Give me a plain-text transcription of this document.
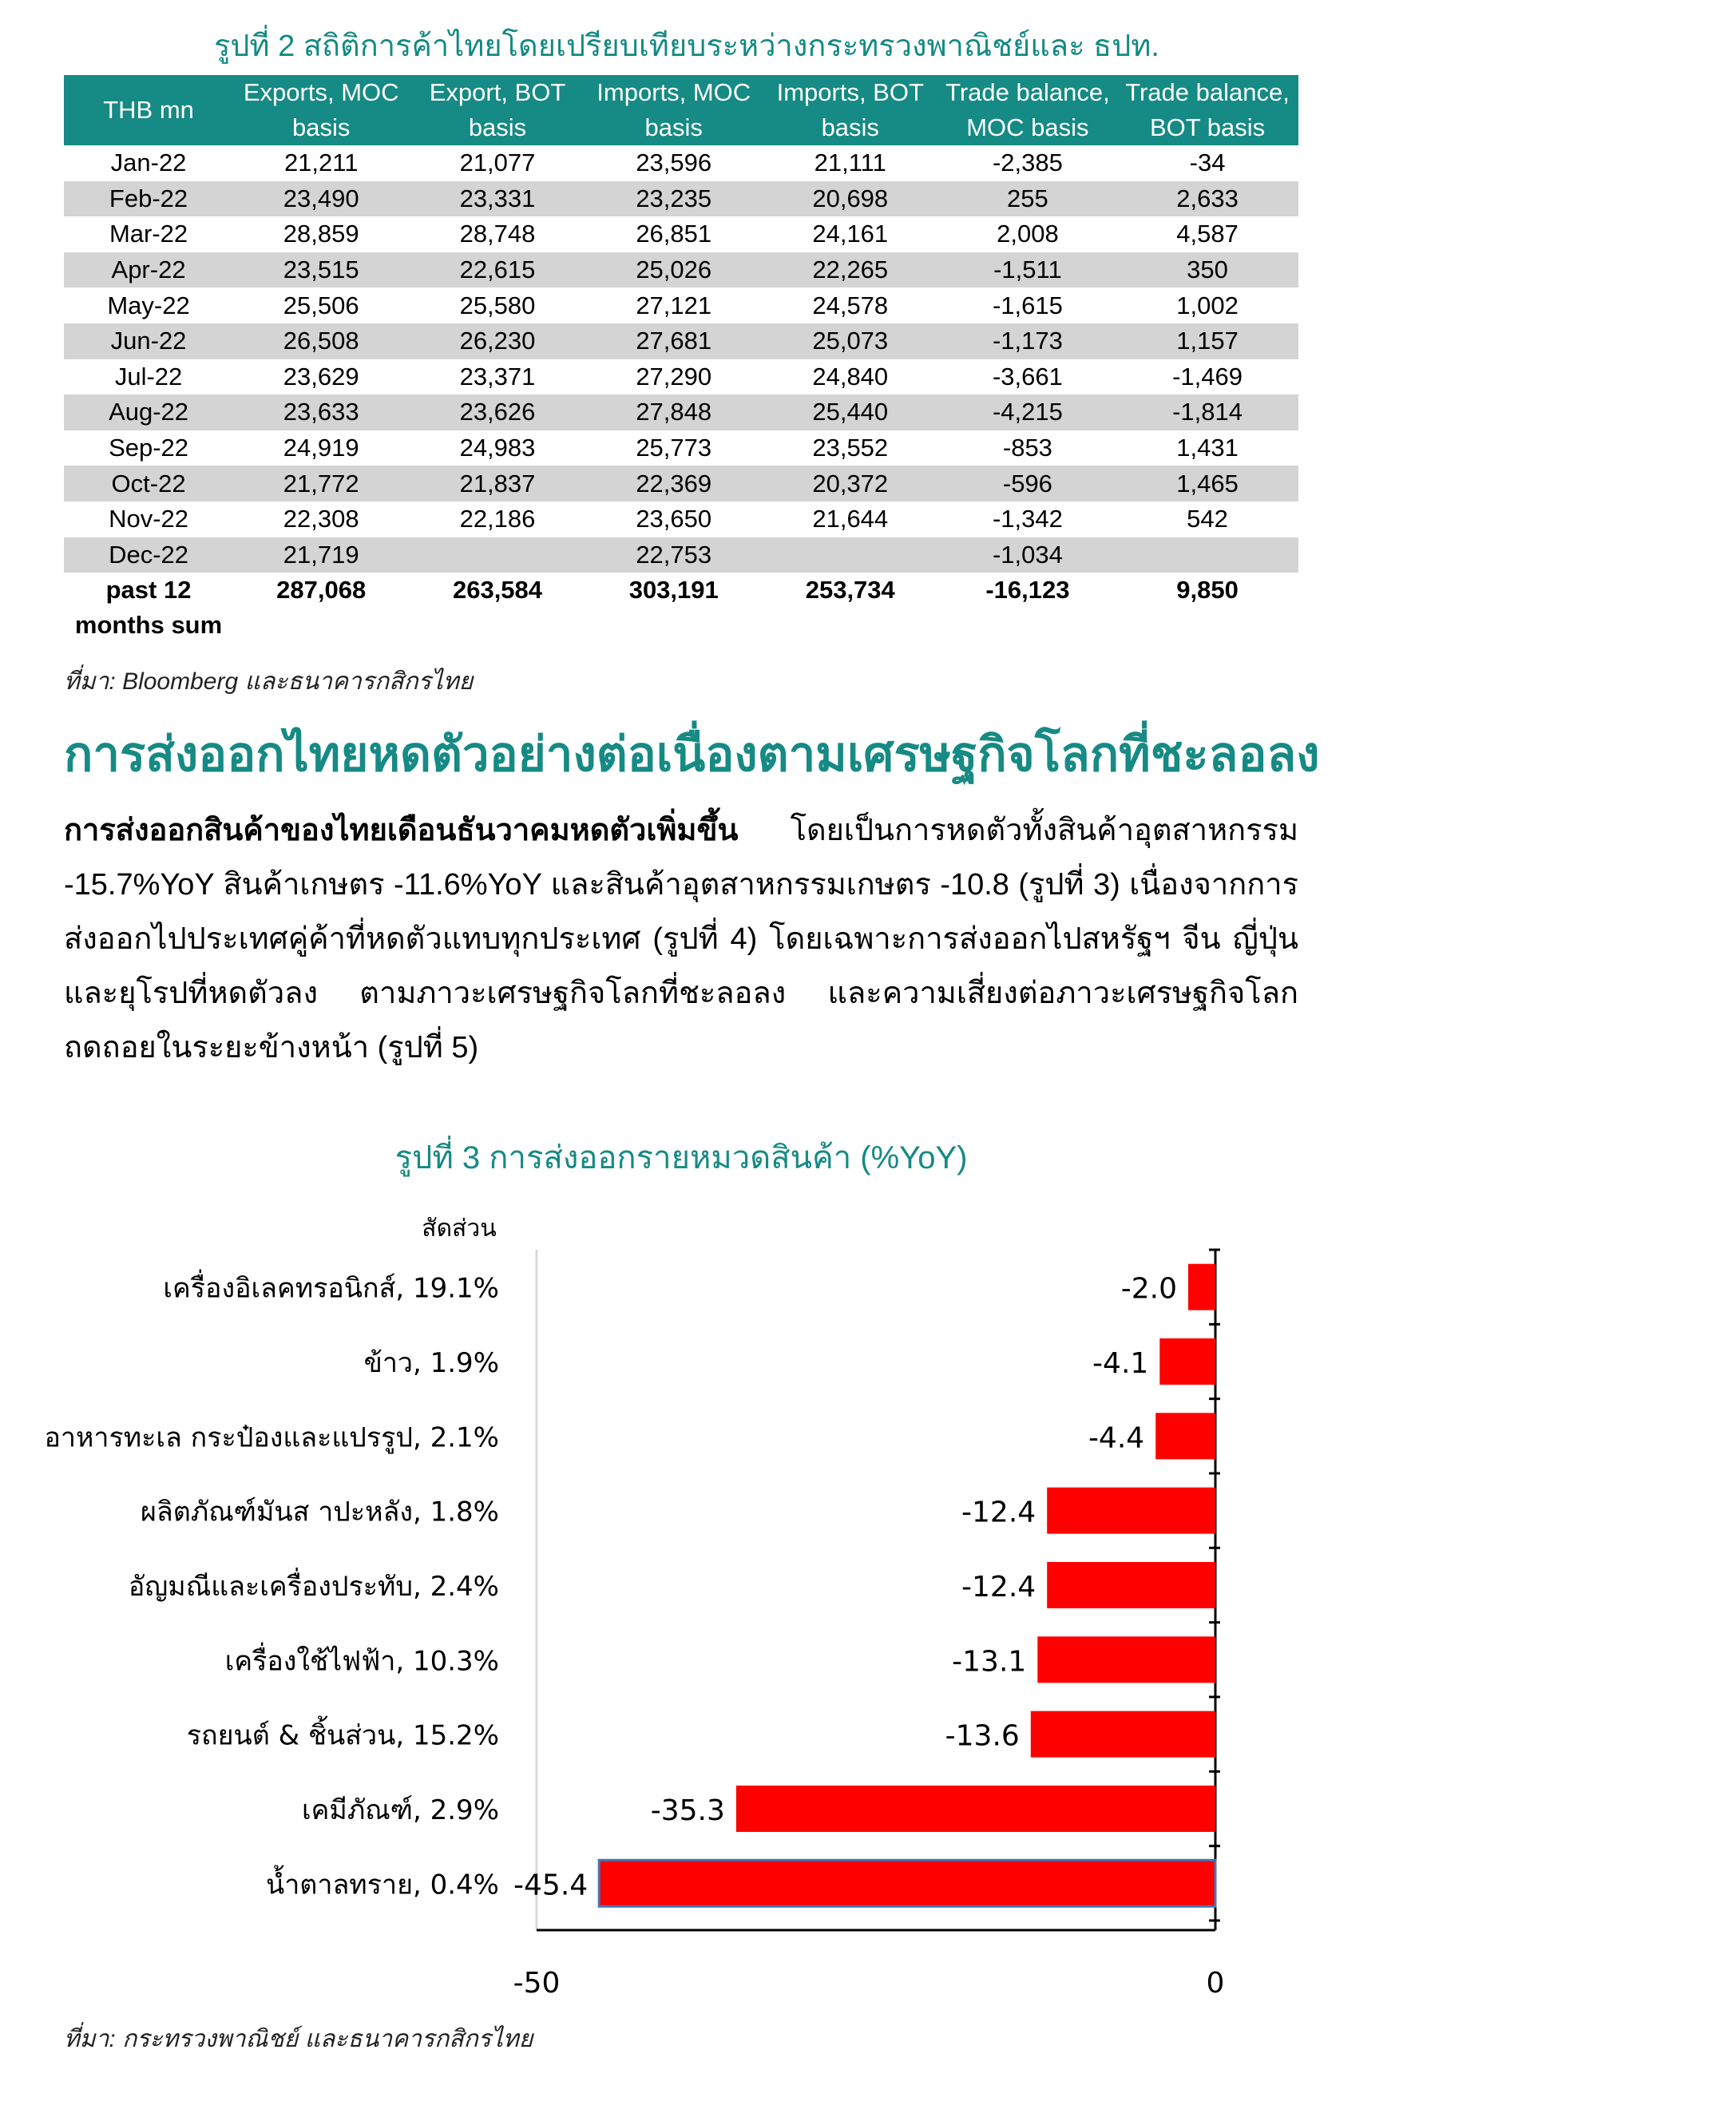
รูปที่ 2 สถิติการค้าไทยโดยเปรียบเทียบระหว่างกระทรวงพาณิชย์และ ธปท.
THB mn	Exports, MOC basis	Export, BOT basis	Imports, MOC basis	Imports, BOT basis	Trade balance, MOC basis	Trade balance, BOT basis
Jan-22	21,211	21,077	23,596	21,111	-2,385	-34
Feb-22	23,490	23,331	23,235	20,698	255	2,633
Mar-22	28,859	28,748	26,851	24,161	2,008	4,587
Apr-22	23,515	22,615	25,026	22,265	-1,511	350
May-22	25,506	25,580	27,121	24,578	-1,615	1,002
Jun-22	26,508	26,230	27,681	25,073	-1,173	1,157
Jul-22	23,629	23,371	27,290	24,840	-3,661	-1,469
Aug-22	23,633	23,626	27,848	25,440	-4,215	-1,814
Sep-22	24,919	24,983	25,773	23,552	-853	1,431
Oct-22	21,772	21,837	22,369	20,372	-596	1,465
Nov-22	22,308	22,186	23,650	21,644	-1,342	542
Dec-22	21,719		22,753		-1,034	
past 12 months sum	287,068	263,584	303,191	253,734	-16,123	9,850
ที่มา: Bloomberg และธนาคารกสิกรไทย
การส่งออกไทยหดตัวอย่างต่อเนื่องตามเศรษฐกิจโลกที่ชะลอลง
การส่งออกสินค้าของไทยเดือนธันวาคมหดตัวเพิ่มขึ้น โดยเป็นการหดตัวทั้งสินค้าอุตสาหกรรม -15.7%YoY สินค้าเกษตร -11.6%YoY และสินค้าอุตสาหกรรมเกษตร -10.8 (รูปที่ 3) เนื่องจากการส่งออกไปประเทศคู่ค้าที่หดตัวแทบทุกประเทศ (รูปที่ 4) โดยเฉพาะการส่งออกไปสหรัฐฯ จีน ญี่ปุ่น และยุโรปที่หดตัวลง ตามภาวะเศรษฐกิจโลกที่ชะลอลง และความเสี่ยงต่อภาวะเศรษฐกิจโลกถดถอยในระยะข้างหน้า (รูปที่ 5)
รูปที่ 3 การส่งออกรายหมวดสินค้า (%YoY)
สัดส่วน
-2.0
เครื่องอิเลคทรอนิกส์, 19.1%
-4.1
ข้าว, 1.9%
-4.4
อาหารทะเล กระป๋องและแปรรูป, 2.1%
-12.4
ผลิตภัณฑ์มันส าปะหลัง, 1.8%
-12.4
อัญมณีและเครื่องประทับ, 2.4%
-13.1
เครื่องใช้ไฟฟ้า, 10.3%
-13.6
รถยนต์ & ชิ้นส่วน, 15.2%
-35.3
เคมีภัณฑ์, 2.9%
-45.4
น้ำตาลทราย, 0.4%
-50	0
ที่มา: กระทรวงพาณิชย์ และธนาคารกสิกรไทย
